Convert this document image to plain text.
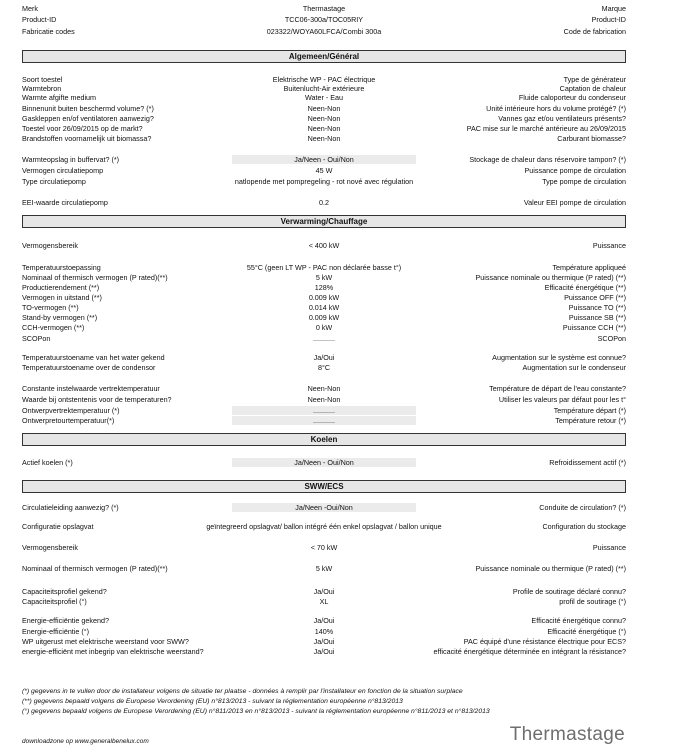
Merk	Thermastage	Marque
Product-ID	TCC06-300a/TOC05RIY	Product-ID
Fabricatie codes	023322/WOYA60LFCA/Combi 300a	Code de fabrication
Algemeen/Général
Soort toestel	Elektrische WP - PAC électrique	Type de générateur
Warmtebron	Buitenlucht-Air extérieure	Captation de chaleur
Warmte afgifte medium	Water - Eau	Fluide caloporteur du condenseur
Binnenunit buiten beschermd volume? (*)	Neen-Non	Unité intérieure hors du volume protégé? (*)
Gaskleppen en/of ventilatoren aanwezig?	Neen-Non	Vannes gaz et/ou ventilateurs présents?
Toestel voor 26/09/2015 op de markt?	Neen-Non	PAC mise sur le marché antérieure au 26/09/2015
Brandstoffen voornamelijk uit biomassa?	Neen-Non	Carburant biomasse?
Warmteopslag in buffervat? (*)	Ja/Neen - Oui/Non	Stockage de chaleur dans réservoire tampon? (*)
Vermogen circulatiepomp	45 W	Puissance pompe de circulation
Type circulatiepomp	natlopende met pompregeling - rot nové avec régulation	Type pompe de circulation
EEI-waarde circulatiepomp	0.2	Valeur EEI pompe de circulation
Verwarming/Chauffage
Vermogensbereik	< 400 kW	Puissance
Temperatuurstoepassing	55°C (geen LT WP - PAC non déclarée basse t°)	Température appliqueé
Nominaal of thermisch vermogen (P rated)(**)	5 kW	Puissance nominale ou thermique (P rated) (**)
Productierendement (**)	128%	Efficacité énergétique (**)
Vermogen in uitstand (**)	0.009 kW	Puissance OFF (**)
TO-vermogen (**)	0.014 kW	Puissance TO (**)
Stand-by vermogen (**)	0.009 kW	Puissance SB (**)
CCH-vermogen (**)	0 kW	Puissance CCH (**)
SCOPon	...........	SCOPon
Temperatuurstoename van het water gekend	Ja/Oui	Augmentation sur le système est connue?
Temperatuurstoename over de condensor	8°C	Augmentation sur le condenseur
Constante instelwaarde vertrektemperatuur	Neen-Non	Température de départ de l'eau constante?
Waarde bij ontstentenis voor de temperaturen?	Neen-Non	Utiliser les valeurs par défaut pour les t°
Ontwerpvertrektemperatuur (*)	...........	Température départ (*)
Ontwerpretourtemperatuur(*)	...........	Température retour (*)
Koelen
Actief koelen (*)	Ja/Neen - Oui/Non	Refroidissement actif (*)
SWW/ECS
Circulatieleiding aanwezig? (*)	Ja/Neen -Oui/Non	Conduite de circulation? (*)
Configuratie opslagvat	geïntegreerd opslagvat/ ballon intégré één enkel opslagvat / ballon unique	Configuration du stockage
Vermogensbereik	< 70 kW	Puissance
Nominaal of thermisch vermogen (P rated)(**)	5 kW	Puissance nominale ou thermique (P rated) (**)
Capaciteitsprofiel gekend?	Ja/Oui	Profile de soutirage déclaré connu?
Capaciteitsprofiel (°)	XL	profil de soutirage (°)
Energie-efficiëntie gekend?	Ja/Oui	Efficacité énergétique connu?
Energie-efficiëntie (°)	140%	Efficacité énergétique (°)
WP uitgerust met elektrische weerstand voor SWW?	Ja/Oui	PAC équipé d'une résistance électrique pour ECS?
energie-efficiënt met inbegrip van elektrische weerstand?	Ja/Oui	efficacité énergétique déterminée en intégrant la résistance?
(*) gegevens in te vullen door de installateur volgens de situatie ter plaatse - données à remplir par l'installateur en fonction de la situation surplace
(**) gegevens bepaald volgens de Europese Verordening (EU) n°813/2013 - suivant la réglementation européenne n°813/2013
(°) gegevens bepaald volgens de Europese Verordening (EU) n°811/2013 en n°813/2013 - suivant la réglementation européenne n°811/2013 et n°813/2013
downloadzone op www.generalbenelux.com	Thermastage
